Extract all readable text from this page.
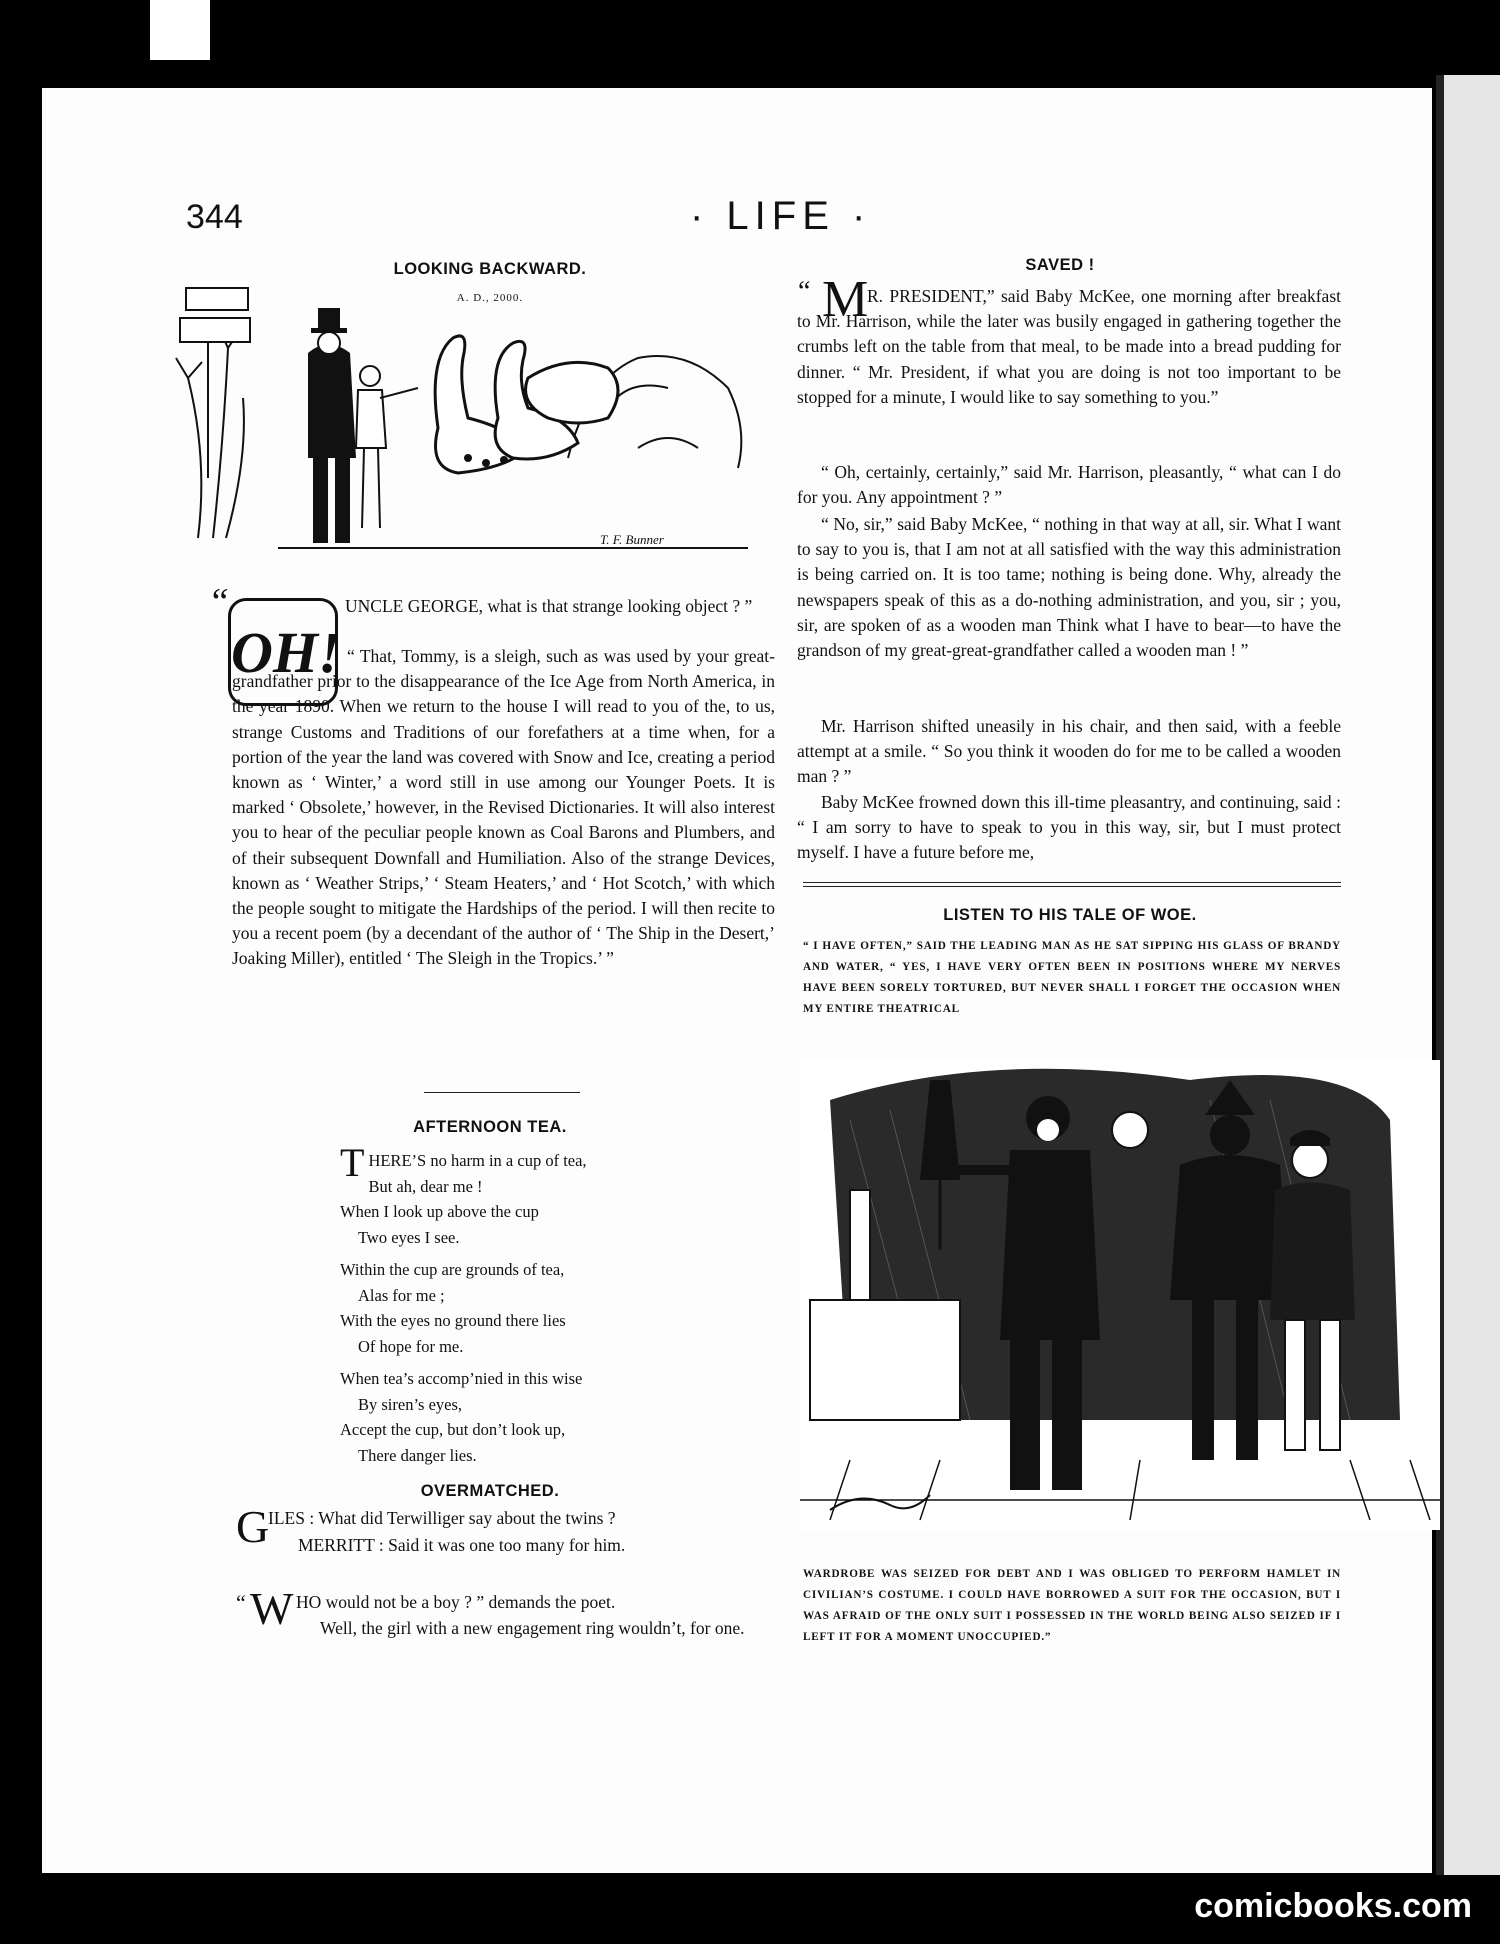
344	· LIFE ·
LOOKING BACKWARD.
A. D., 2000.
T. F. Bunner
“
OH!
UNCLE GEORGE, what is that strange looking object ? ”
“ That, Tommy, is a sleigh, such as was used by your great-grandfather prior to the disappearance of the Ice Age from North America, in the year 1890. When we return to the house I will read to you of the, to us, strange Customs and Traditions of our forefathers at a time when, for a portion of the year the land was covered with Snow and Ice, creating a period known as ‘ Winter,’ a word still in use among our Younger Poets. It is marked ‘ Obsolete,’ however, in the Revised Dictionaries. It will also interest you to hear of the peculiar people known as Coal Barons and Plumbers, and of their subsequent Downfall and Humiliation. Also of the strange Devices, known as ‘ Weather Strips,’ ‘ Steam Heaters,’ and ‘ Hot Scotch,’ with which the people sought to mitigate the Hardships of the period. I will then recite to you a recent poem (by a decendant of the author of ‘ The Ship in the Desert,’ Joaking Miller), entitled ‘ The Sleigh in the Tropics.’ ”
AFTERNOON TEA.
THERE’S no harm in a cup of tea,
But ah, dear me !
When I look up above the cup
Two eyes I see.
Within the cup are grounds of tea,
Alas for me ;
With the eyes no ground there lies
Of hope for me.
When tea’s accomp’nied in this wise
By siren’s eyes,
Accept the cup, but don’t look up,
There danger lies.
OVERMATCHED.
G
ILES : What did Terwilliger say about the twins ?
MERRITT : Said it was one too many for him.
“ W HO would not be a boy ? ” demands the poet.
Well, the girl with a new engagement ring wouldn’t, for one.
SAVED !
“ M
R. PRESIDENT,” said Baby McKee, one morning after breakfast to Mr. Harrison, while the later was busily engaged in gathering together the crumbs left on the table from that meal, to be made into a bread pudding for dinner. “ Mr. President, if what you are doing is not too important to be stopped for a minute, I would like to say something to you.”
“ Oh, certainly, certainly,” said Mr. Harrison, pleasantly, “ what can I do for you. Any appointment ? ”
“ No, sir,” said Baby McKee, “ nothing in that way at all, sir. What I want to say to you is, that I am not at all satisfied with the way this administration is being carried on. It is too tame; nothing is being done. Why, already the newspapers speak of this as a do-nothing administration, and you, sir ; you, sir, are spoken of as a wooden man Think what I have to bear—to have the grandson of my great-great-grandfather called a wooden man ! ”
Mr. Harrison shifted uneasily in his chair, and then said, with a feeble attempt at a smile. “ So you think it wooden do for me to be called a wooden man ? ”
Baby McKee frowned down this ill-time pleasantry, and continuing, said : “ I am sorry to have to speak to you in this way, sir, but I must protect myself. I have a future before me,
LISTEN TO HIS TALE OF WOE.
“ I HAVE OFTEN,” SAID THE LEADING MAN AS HE SAT SIPPING HIS GLASS OF BRANDY AND WATER, “ YES, I HAVE VERY OFTEN BEEN IN POSITIONS WHERE MY NERVES HAVE BEEN SORELY TORTURED, BUT NEVER SHALL I FORGET THE OCCASION WHEN MY ENTIRE THEATRICAL
WARDROBE WAS SEIZED FOR DEBT AND I WAS OBLIGED TO PERFORM HAMLET IN CIVILIAN’S COSTUME. I COULD HAVE BORROWED A SUIT FOR THE OCCASION, BUT I WAS AFRAID OF THE ONLY SUIT I POSSESSED IN THE WORLD BEING ALSO SEIZED IF I LEFT IT FOR A MOMENT UNOCCUPIED.”
comicbooks.com
